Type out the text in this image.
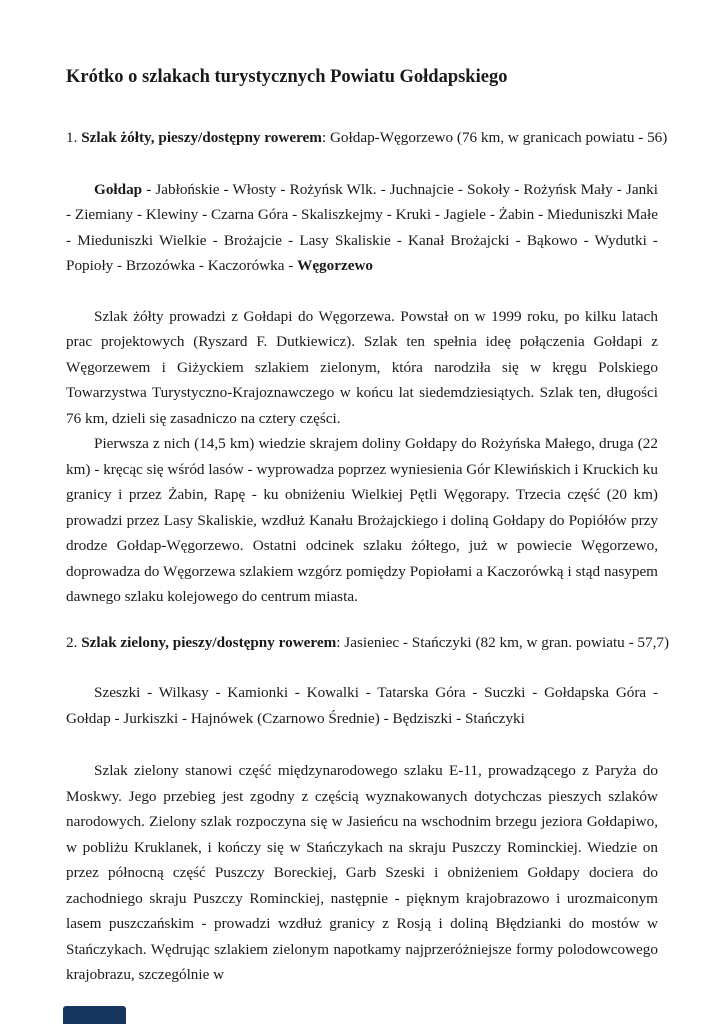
Krótko o szlakach turystycznych Powiatu Gołdapskiego

1. Szlak żółty, pieszy/dostępny rowerem: Gołdap-Węgorzewo (76 km, w granicach powiatu - 56)

Gołdap - Jabłońskie - Włosty - Rożyńsk Wlk. - Juchnajcie - Sokoły - Rożyńsk Mały - Janki - Ziemiany - Klewiny - Czarna Góra - Skaliszkejmy - Kruki - Jagiele - Żabin - Mieduniszki Małe - Mieduniszki Wielkie - Brożajcie - Lasy Skaliskie - Kanał Brożajcki - Bąkowo - Wydutki - Popioły - Brzozówka - Kaczorówka - Węgorzewo

Szlak żółty prowadzi z Gołdapi do Węgorzewa. Powstał on w 1999 roku, po kilku latach prac projektowych (Ryszard F. Dutkiewicz). Szlak ten spełnia ideę połączenia Gołdapi z Węgorzewem i Giżyckiem szlakiem zielonym, która narodziła się w kręgu Polskiego Towarzystwa Turystyczno-Krajoznawczego w końcu lat siedemdziesiątych. Szlak ten, długości 76 km, dzieli się zasadniczo na cztery części.

Pierwsza z nich (14,5 km) wiedzie skrajem doliny Gołdapy do Rożyńska Małego, druga (22 km) - kręcąc się wśród lasów - wyprowadza poprzez wyniesienia Gór Klewińskich i Kruckich ku granicy i przez Żabin, Rapę - ku obniżeniu Wielkiej Pętli Węgorapy. Trzecia część (20 km) prowadzi przez Lasy Skaliskie, wzdłuż Kanału Brożajckiego i doliną Gołdapy do Popiółów przy drodze Gołdap-Węgorzewo. Ostatni odcinek szlaku żółtego, już w powiecie Węgorzewo, doprowadza do Węgorzewa szlakiem wzgórz pomiędzy Popiołami a Kaczorówką i stąd nasypem dawnego szlaku kolejowego do centrum miasta.

2. Szlak zielony, pieszy/dostępny rowerem: Jasieniec - Stańczyki (82 km, w gran. powiatu - 57,7)

Szeszki - Wilkasy - Kamionki - Kowalki - Tatarska Góra - Suczki - Gołdapska Góra - Gołdap - Jurkiszki - Hajnówek (Czarnowo Średnie) - Będziszki - Stańczyki

Szlak zielony stanowi część międzynarodowego szlaku E-11, prowadzącego z Paryża do Moskwy. Jego przebieg jest zgodny z częścią wyznakowanych dotychczas pieszych szlaków narodowych. Zielony szlak rozpoczyna się w Jasieńcu na wschodnim brzegu jeziora Gołdapiwo, w pobliżu Kruklanek, i kończy się w Stańczykach na skraju Puszczy Rominckiej. Wiedzie on przez północną część Puszczy Boreckiej, Garb Szeski i obniżeniem Gołdapy dociera do zachodniego skraju Puszczy Rominckiej, następnie - pięknym krajobrazowo i urozmaiconym lasem puszczańskim - prowadzi wzdłuż granicy z Rosją i doliną Błędzianki do mostów w Stańczykach. Wędrując szlakiem zielonym napotkamy najprzeróżniejsze formy polodowcowego krajobrazu, szczególnie w
